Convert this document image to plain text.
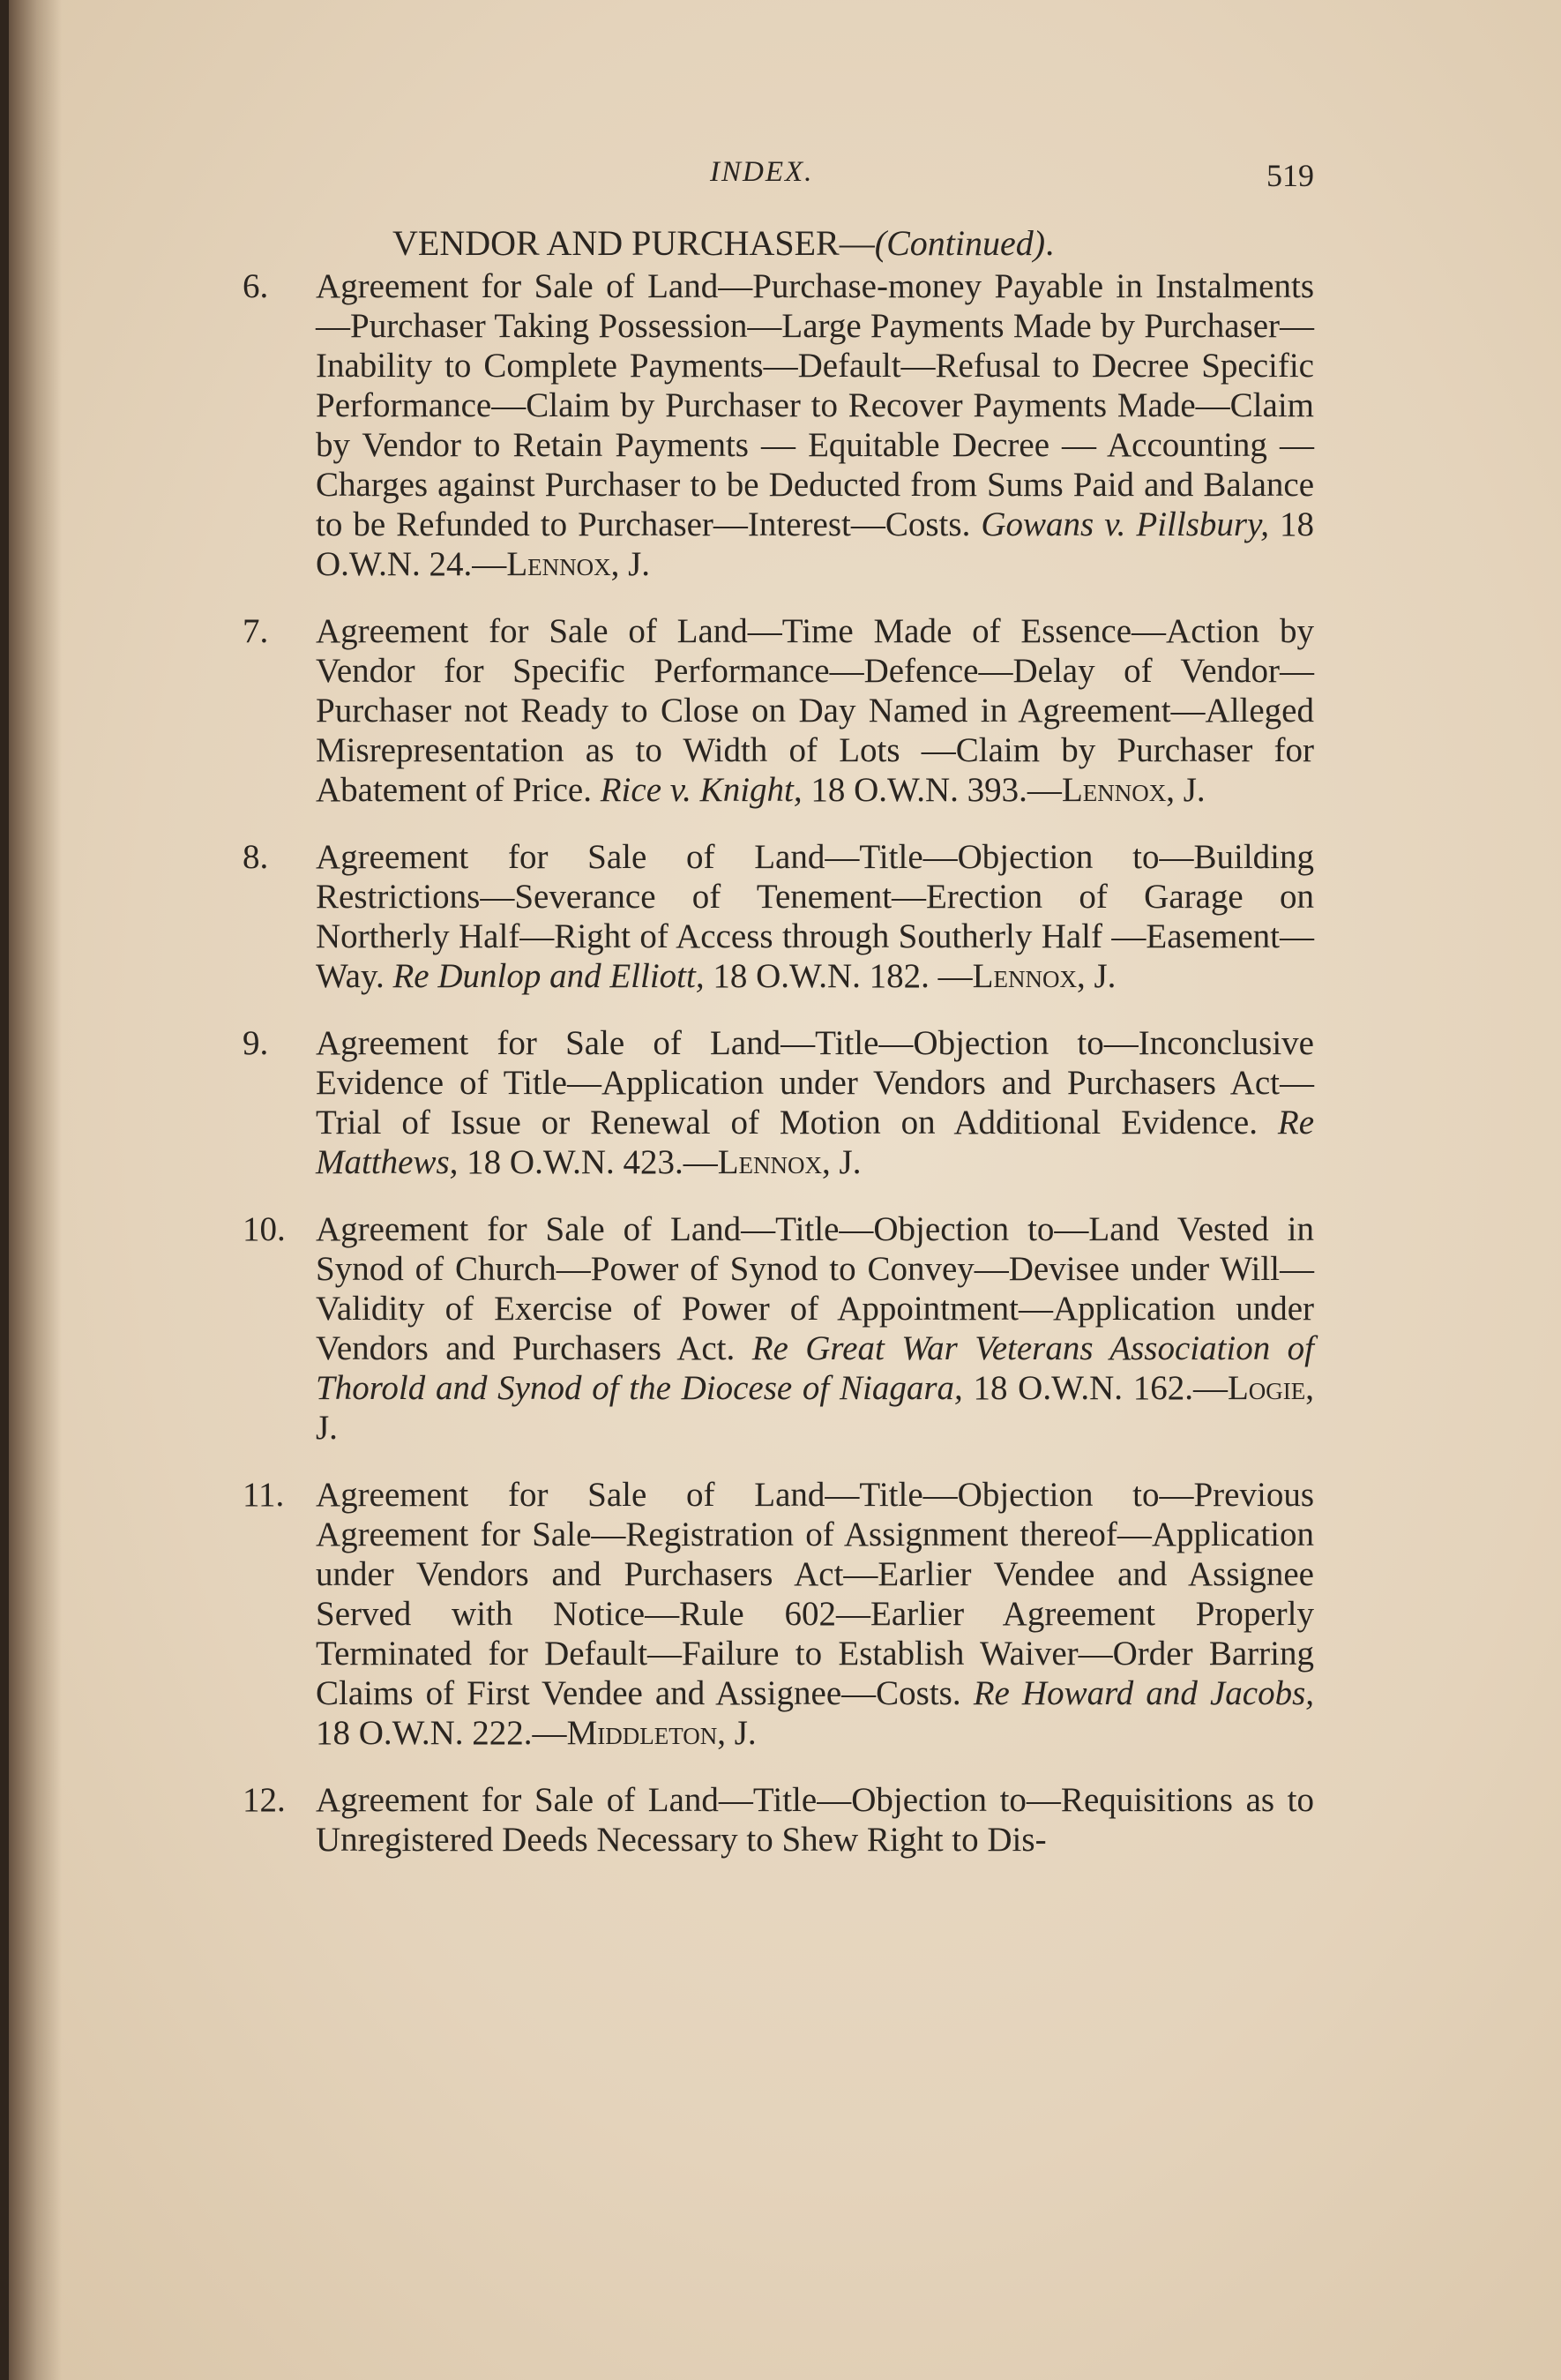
INDEX.	519
VENDOR AND PURCHASER—(Continued).
6. Agreement for Sale of Land—Purchase-money Payable in Instalments—Purchaser Taking Possession—Large Payments Made by Purchaser—Inability to Complete Payments—Default—Refusal to Decree Specific Performance—Claim by Purchaser to Recover Payments Made—Claim by Vendor to Retain Payments — Equitable Decree — Accounting — Charges against Purchaser to be Deducted from Sums Paid and Balance to be Refunded to Purchaser—Interest—Costs. Gowans v. Pillsbury, 18 O.W.N. 24.—Lennox, J.
7. Agreement for Sale of Land—Time Made of Essence—Action by Vendor for Specific Performance—Defence—Delay of Vendor—Purchaser not Ready to Close on Day Named in Agreement—Alleged Misrepresentation as to Width of Lots —Claim by Purchaser for Abatement of Price. Rice v. Knight, 18 O.W.N. 393.—Lennox, J.
8. Agreement for Sale of Land—Title—Objection to—Building Restrictions—Severance of Tenement—Erection of Garage on Northerly Half—Right of Access through Southerly Half —Easement—Way. Re Dunlop and Elliott, 18 O.W.N. 182. —Lennox, J.
9. Agreement for Sale of Land—Title—Objection to—Inconclusive Evidence of Title—Application under Vendors and Purchasers Act—Trial of Issue or Renewal of Motion on Additional Evidence. Re Matthews, 18 O.W.N. 423.—Lennox, J.
10. Agreement for Sale of Land—Title—Objection to—Land Vested in Synod of Church—Power of Synod to Convey—Devisee under Will—Validity of Exercise of Power of Appointment—Application under Vendors and Purchasers Act. Re Great War Veterans Association of Thorold and Synod of the Diocese of Niagara, 18 O.W.N. 162.—Logie, J.
11. Agreement for Sale of Land—Title—Objection to—Previous Agreement for Sale—Registration of Assignment thereof—Application under Vendors and Purchasers Act—Earlier Vendee and Assignee Served with Notice—Rule 602—Earlier Agreement Properly Terminated for Default—Failure to Establish Waiver—Order Barring Claims of First Vendee and Assignee—Costs. Re Howard and Jacobs, 18 O.W.N. 222.—Middleton, J.
12. Agreement for Sale of Land—Title—Objection to—Requisitions as to Unregistered Deeds Necessary to Shew Right to Dis-
